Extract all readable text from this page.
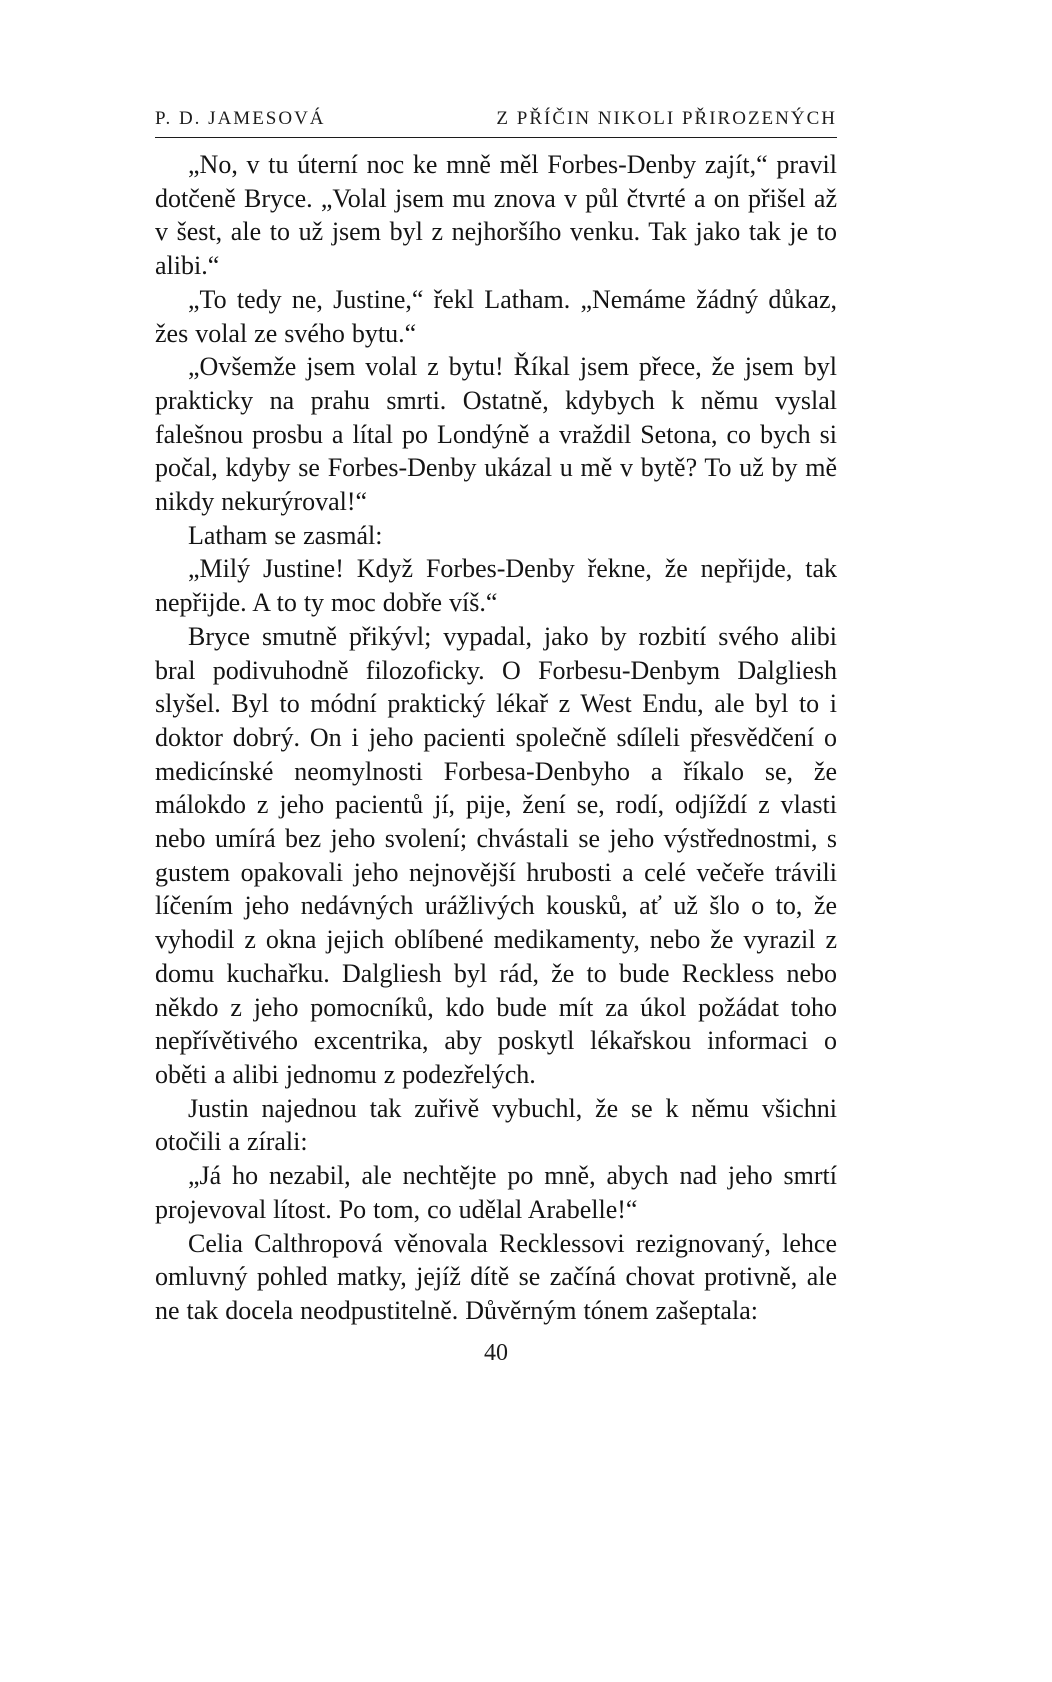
P. D. JAMESOVÁ	Z PŘÍČIN NIKOLI PŘIROZENÝCH

„No, v tu úterní noc ke mně měl Forbes-Denby zajít,“ pravil dotčeně Bryce. „Volal jsem mu znova v půl čtvrté a on přišel až v šest, ale to už jsem byl z nejhoršího venku. Tak jako tak je to alibi.“

„To tedy ne, Justine,“ řekl Latham. „Nemáme žádný důkaz, žes volal ze svého bytu.“

„Ovšemže jsem volal z bytu! Říkal jsem přece, že jsem byl prakticky na prahu smrti. Ostatně, kdybych k němu vyslal falešnou prosbu a lítal po Londýně a vraždil Setona, co bych si počal, kdyby se Forbes-Denby ukázal u mě v bytě? To už by mě nikdy nekurýroval!“

Latham se zasmál:

„Milý Justine! Když Forbes-Denby řekne, že nepřijde, tak nepřijde. A to ty moc dobře víš.“

Bryce smutně přikývl; vypadal, jako by rozbití svého alibi bral podivuhodně filozoficky. O Forbesu-Denbym Dalgliesh slyšel. Byl to módní praktický lékař z West Endu, ale byl to i doktor dobrý. On i jeho pacienti společně sdíleli přesvědčení o medicínské neomylnosti Forbesa-Denbyho a říkalo se, že málokdo z jeho pacientů jí, pije, žení se, rodí, odjíždí z vlasti nebo umírá bez jeho svolení; chvástali se jeho výstřednostmi, s gustem opakovali jeho nejnovější hrubosti a celé večeře trávili líčením jeho nedávných urážlivých kousků, ať už šlo o to, že vyhodil z okna jejich oblíbené medikamenty, nebo že vyrazil z domu kuchařku. Dalgliesh byl rád, že to bude Reckless nebo někdo z jeho pomocníků, kdo bude mít za úkol požádat toho nepřívětivého excentrika, aby poskytl lékařskou informaci o oběti a alibi jednomu z podezřelých.

Justin najednou tak zuřivě vybuchl, že se k němu všichni otočili a zírali:

„Já ho nezabil, ale nechtějte po mně, abych nad jeho smrtí projevoval lítost. Po tom, co udělal Arabelle!“

Celia Calthropová věnovala Recklessovi rezignovaný, lehce omluvný pohled matky, jejíž dítě se začíná chovat protivně, ale ne tak docela neodpustitelně. Důvěrným tónem zašeptala:

40
